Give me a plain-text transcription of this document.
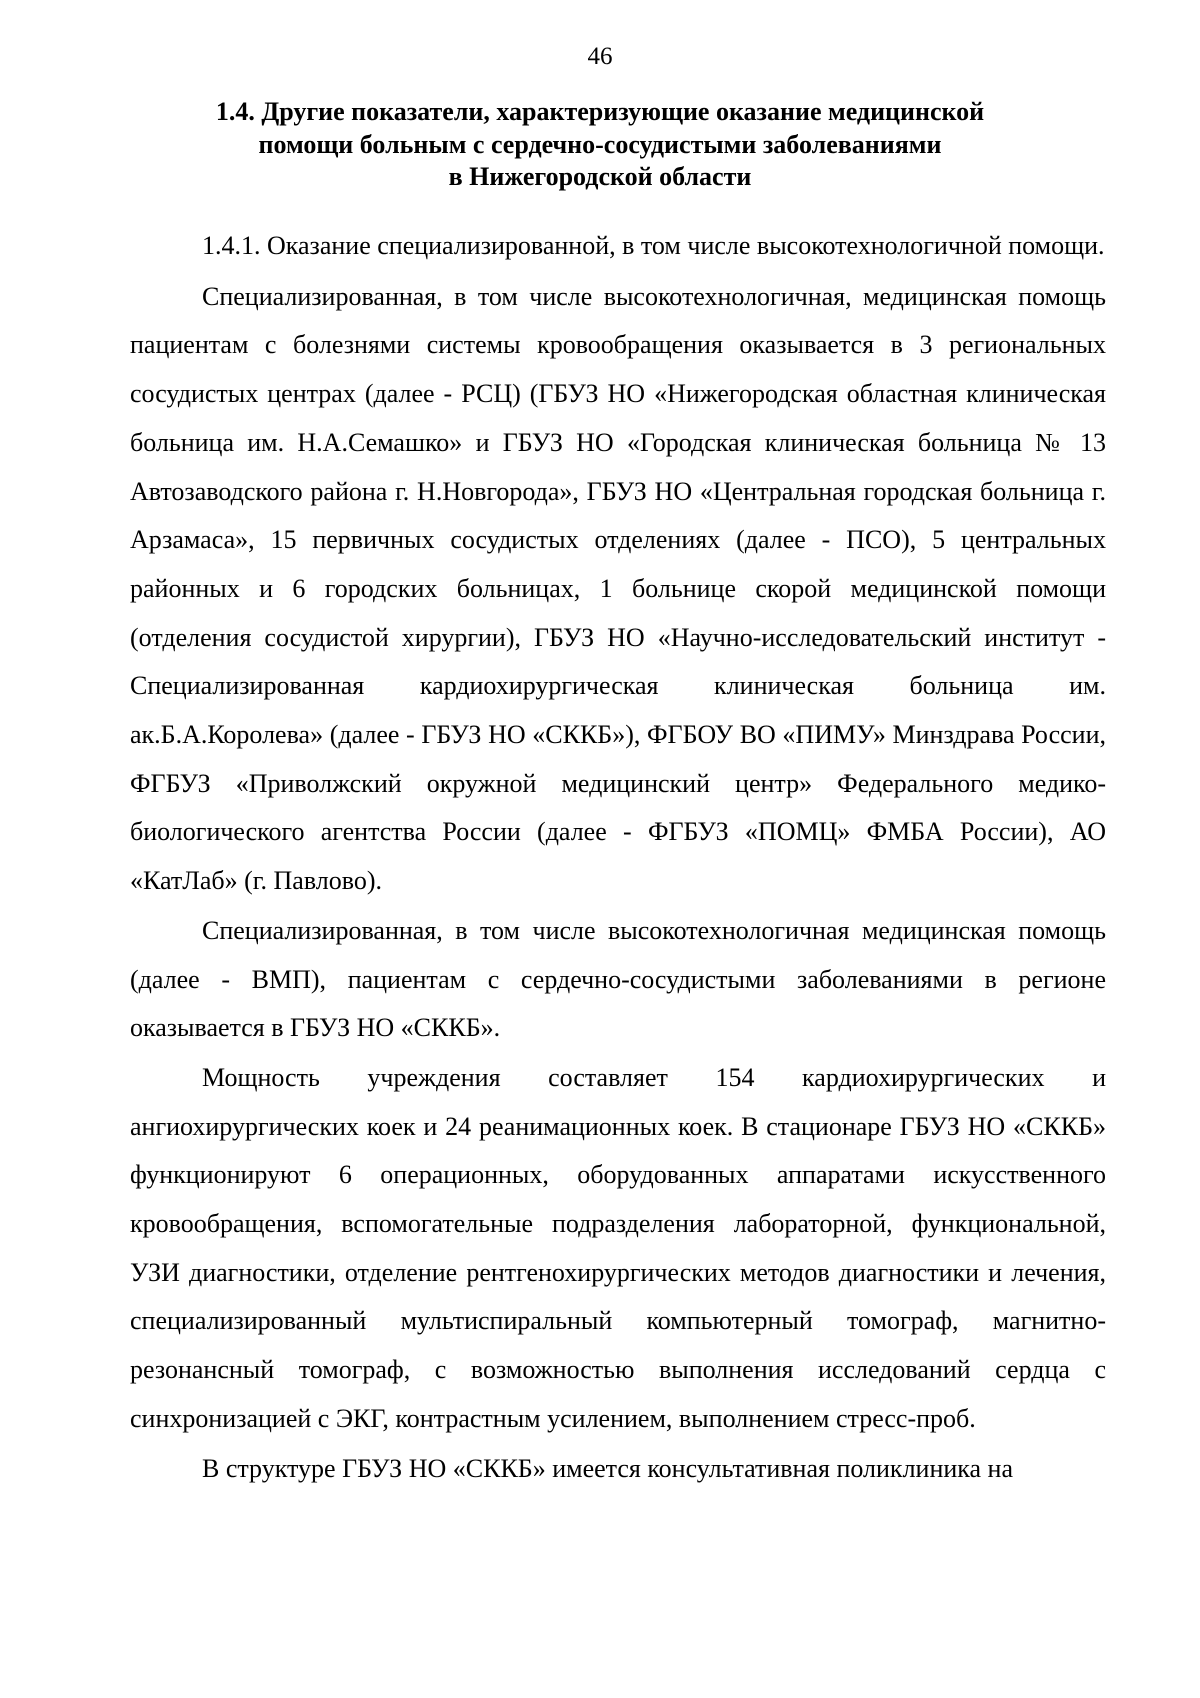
46
1.4. Другие показатели, характеризующие оказание медицинской
помощи больным с сердечно-сосудистыми заболеваниями
в Нижегородской области

1.4.1. Оказание специализированной, в том числе высокотехнологичной помощи.

Специализированная, в том числе высокотехнологичная, медицинская помощь пациентам с болезнями системы кровообращения оказывается в 3 региональных сосудистых центрах (далее - РСЦ) (ГБУЗ НО «Нижегородская областная клиническая больница им. Н.А.Семашко» и ГБУЗ НО «Городская клиническая больница № 13 Автозаводского района г. Н.Новгорода», ГБУЗ НО «Центральная городская больница г. Арзамаса», 15 первичных сосудистых отделениях (далее - ПСО), 5 центральных районных и 6 городских больницах, 1 больнице скорой медицинской помощи (отделения сосудистой хирургии), ГБУЗ НО «Научно-исследовательский институт - Специализированная кардиохирургическая клиническая больница им. ак.Б.А.Королева» (далее - ГБУЗ НО «СККБ»), ФГБОУ ВО «ПИМУ» Минздрава России, ФГБУЗ «Приволжский окружной медицинский центр» Федерального медико-биологического агентства России (далее - ФГБУЗ «ПОМЦ» ФМБА России), АО «КатЛаб» (г. Павлово).

Специализированная, в том числе высокотехнологичная медицинская помощь (далее - ВМП), пациентам с сердечно-сосудистыми заболеваниями в регионе оказывается в ГБУЗ НО «СККБ».

Мощность учреждения составляет 154 кардиохирургических и ангиохирургических коек и 24 реанимационных коек. В стационаре ГБУЗ НО «СККБ» функционируют 6 операционных, оборудованных аппаратами искусственного кровообращения, вспомогательные подразделения лабораторной, функциональной, УЗИ диагностики, отделение рентгенохирургических методов диагностики и лечения, специализированный мультиспиральный компьютерный томограф, магнитно-резонансный томограф, с возможностью выполнения исследований сердца с синхронизацией с ЭКГ, контрастным усилением, выполнением стресс-проб.

В структуре ГБУЗ НО «СККБ» имеется консультативная поликлиника на
